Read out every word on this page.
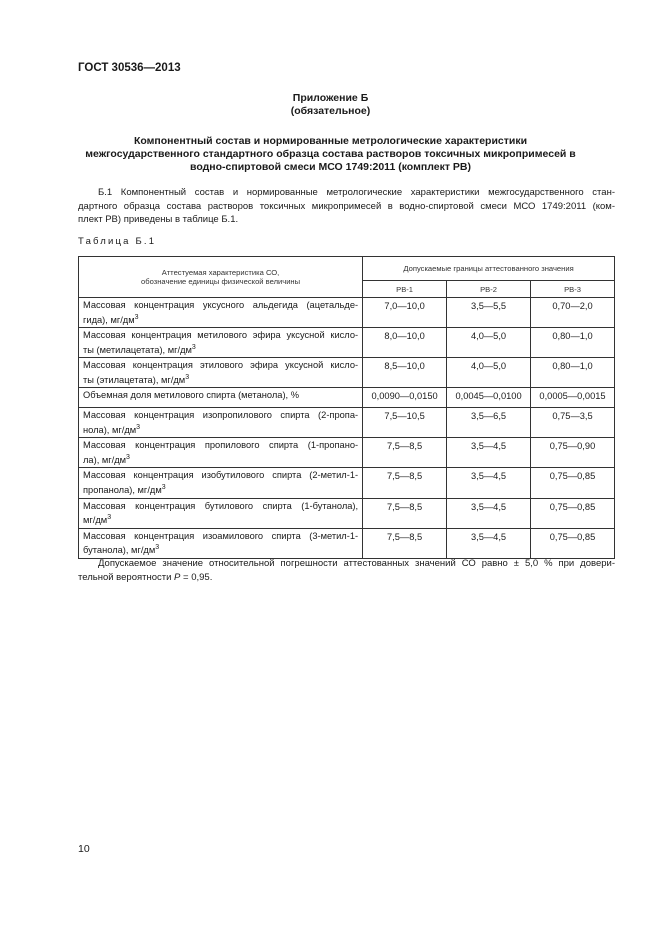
ГОСТ 30536—2013
Приложение Б
(обязательное)
Компонентный состав и нормированные метрологические характеристики
межгосударственного стандартного образца состава растворов токсичных микропримесей в
водно-спиртовой смеси МСО 1749:2011 (комплект РВ)
Б.1 Компонентный состав и нормированные метрологические характеристики межгосударственного стан-
дартного образца состава растворов токсичных микропримесей в водно-спиртовой смеси МСО 1749:2011 (ком-
плект РВ) приведены в таблице Б.1.
Таблица Б.1
Аттестуемая характеристика СО,
обозначение единицы физической величины	Допускаемые границы аттестованного значения		
	РВ-1	РВ-2	РВ-3

Массовая концентрация уксусного альдегида (ацетальде-
гида), $мг/дм^3$	7,0—10,0	3,5—5,5	0,70—2,0

Массовая концентрация метилового эфира уксусной кисло-
ты (метилацетата), $мг/дм^3$	8,0—10,0	4,0—5,0	0,80—1,0

Массовая концентрация этилового эфира уксусной кисло-
ты (этилацетата), $мг/дм^3$	8,5—10,0	4,0—5,0	0,80—1,0

Объемная доля метилового спирта (метанола), %	0,0090—0,0150	0,0045—0,0100	0,0005—0,0015

Массовая концентрация изопропилового спирта (2-пропа-
нола), $мг/дм^3$	7,5—10,5	3,5—6,5	0,75—3,5

Массовая концентрация пропилового спирта (1-пропано-
ла), $мг/дм^3$	7,5—8,5	3,5—4,5	0,75—0,90

Массовая концентрация изобутилового спирта (2-метил-1-
пропанола), $мг/дм^3$	7,5—8,5	3,5—4,5	0,75—0,85

Массовая концентрация бутилового спирта (1-бутанола),
$мг/дм^3$	7,5—8,5	3,5—4,5	0,75—0,85

Массовая концентрация изоамилового спирта (3-метил-1-
бутанола), $мг/дм^3$	7,5—8,5	3,5—4,5	0,75—0,85
Допускаемое значение относительной погрешности аттестованных значений СО равно ± 5,0 % при довери-
тельной вероятности P = 0,95.
10
